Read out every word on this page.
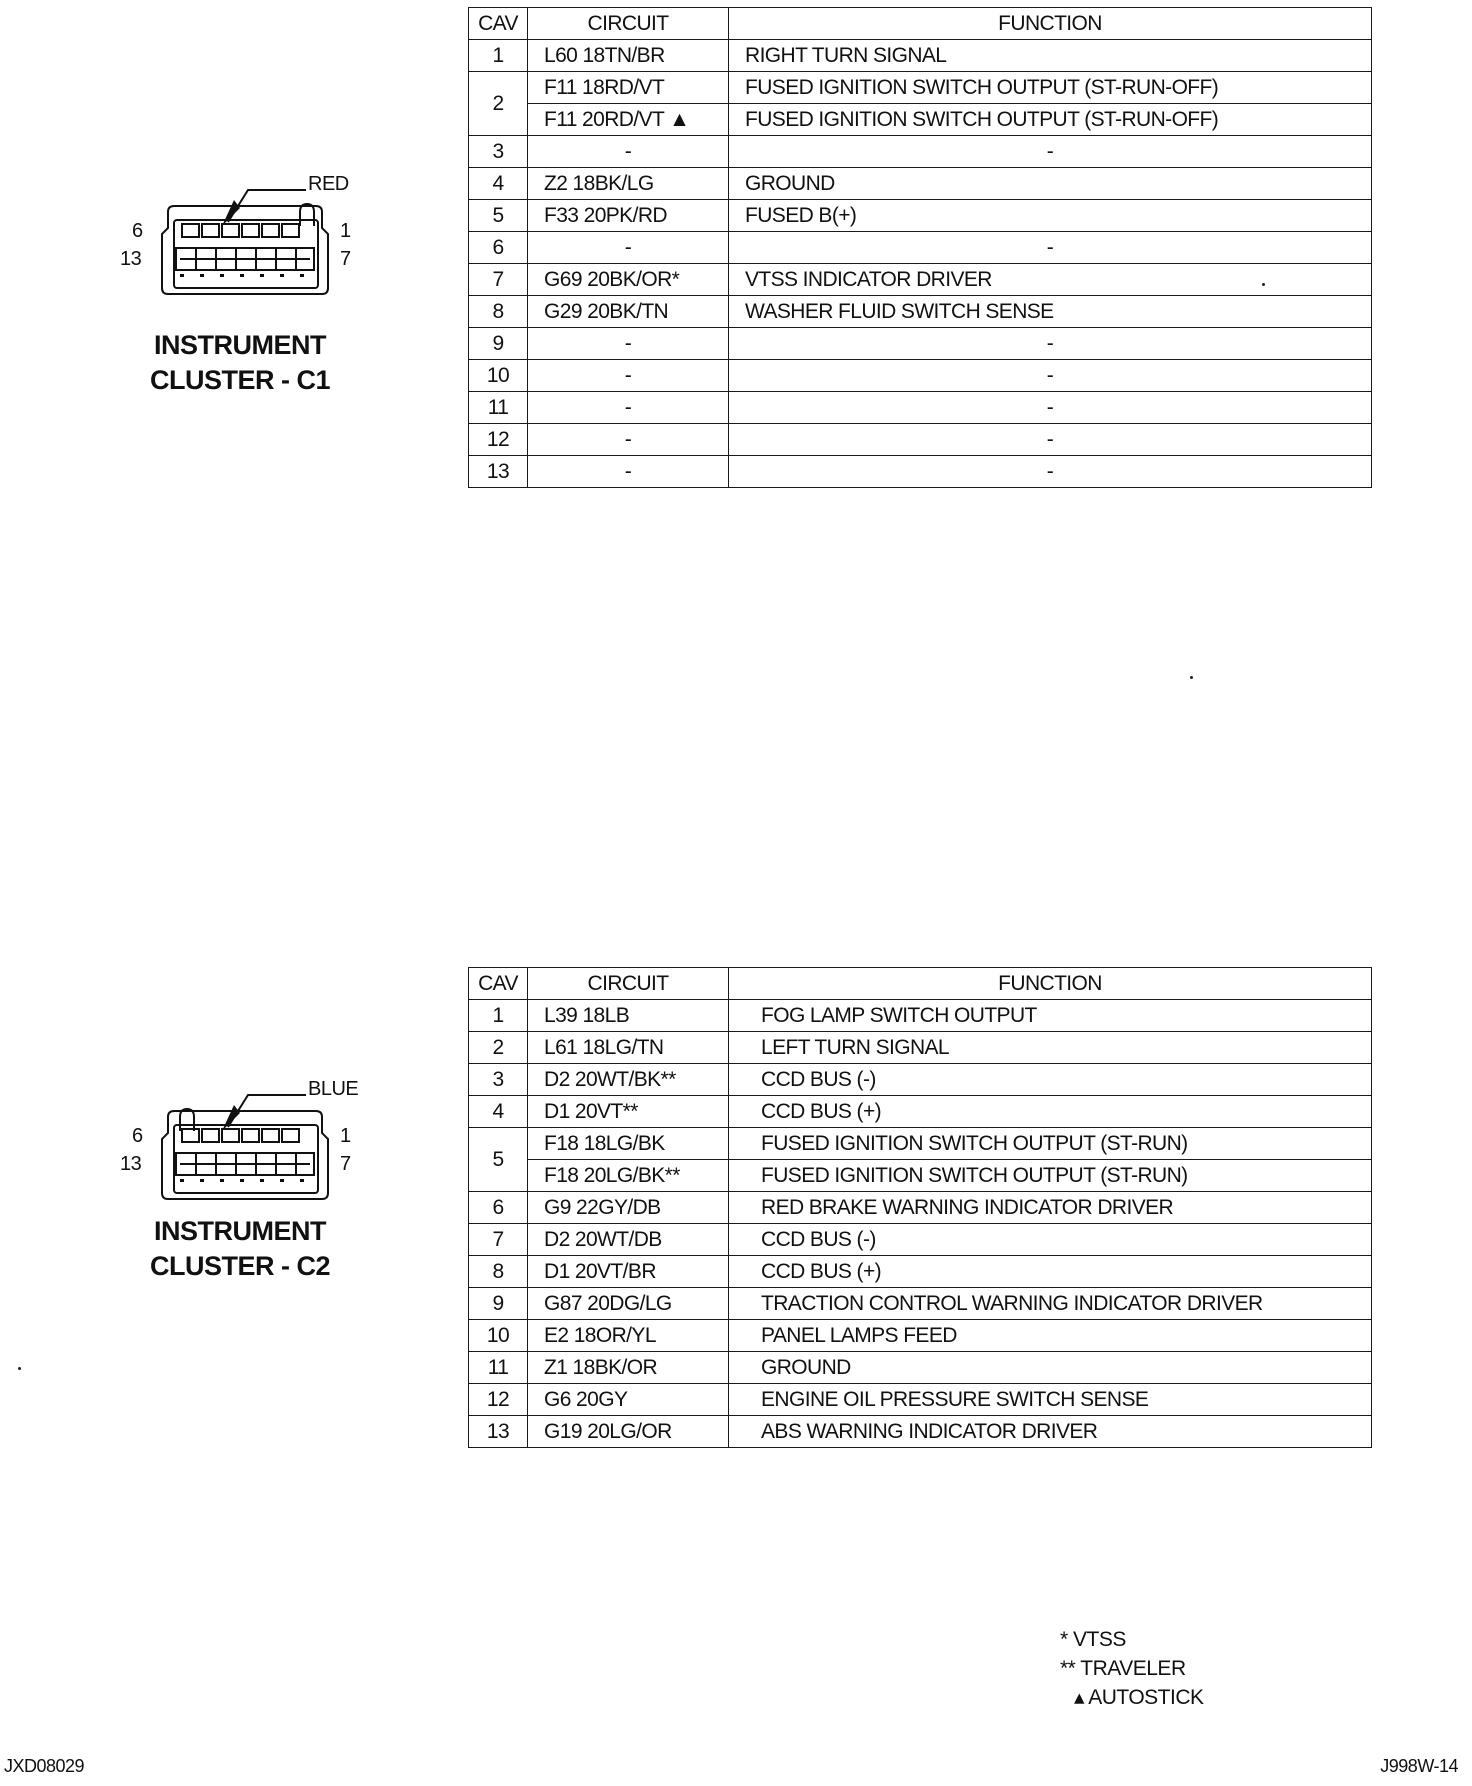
RED
6
13
1
7
INSTRUMENT
CLUSTER - C1
CAV	CIRCUIT	FUNCTION
1	L60 18TN/BR	RIGHT TURN SIGNAL
2	F11 18RD/VT	FUSED IGNITION SWITCH OUTPUT (ST-RUN-OFF)
	F11 20RD/VT ▲	FUSED IGNITION SWITCH OUTPUT (ST-RUN-OFF)
3	-	-
4	Z2 18BK/LG	GROUND
5	F33 20PK/RD	FUSED B(+)
6	-	-
7	G69 20BK/OR*	VTSS INDICATOR DRIVER
8	G29 20BK/TN	WASHER FLUID SWITCH SENSE
9	-	-
10	-	-
11	-	-
12	-	-
13	-	-
BLUE
6
13
1
7
INSTRUMENT
CLUSTER - C2
CAV	CIRCUIT	FUNCTION
1	L39 18LB	FOG LAMP SWITCH OUTPUT
2	L61 18LG/TN	LEFT TURN SIGNAL
3	D2 20WT/BK**	CCD BUS (-)
4	D1 20VT**	CCD BUS (+)
5	F18 18LG/BK	FUSED IGNITION SWITCH OUTPUT (ST-RUN)
	F18 20LG/BK**	FUSED IGNITION SWITCH OUTPUT (ST-RUN)
6	G9 22GY/DB	RED BRAKE WARNING INDICATOR DRIVER
7	D2 20WT/DB	CCD BUS (-)
8	D1 20VT/BR	CCD BUS (+)
9	G87 20DG/LG	TRACTION CONTROL WARNING INDICATOR DRIVER
10	E2 18OR/YL	PANEL LAMPS FEED
11	Z1 18BK/OR	GROUND
12	G6 20GY	ENGINE OIL PRESSURE SWITCH SENSE
13	G19 20LG/OR	ABS WARNING INDICATOR DRIVER
* VTSS
** TRAVELER
▴ AUTOSTICK
JXD08029	J998W-14
